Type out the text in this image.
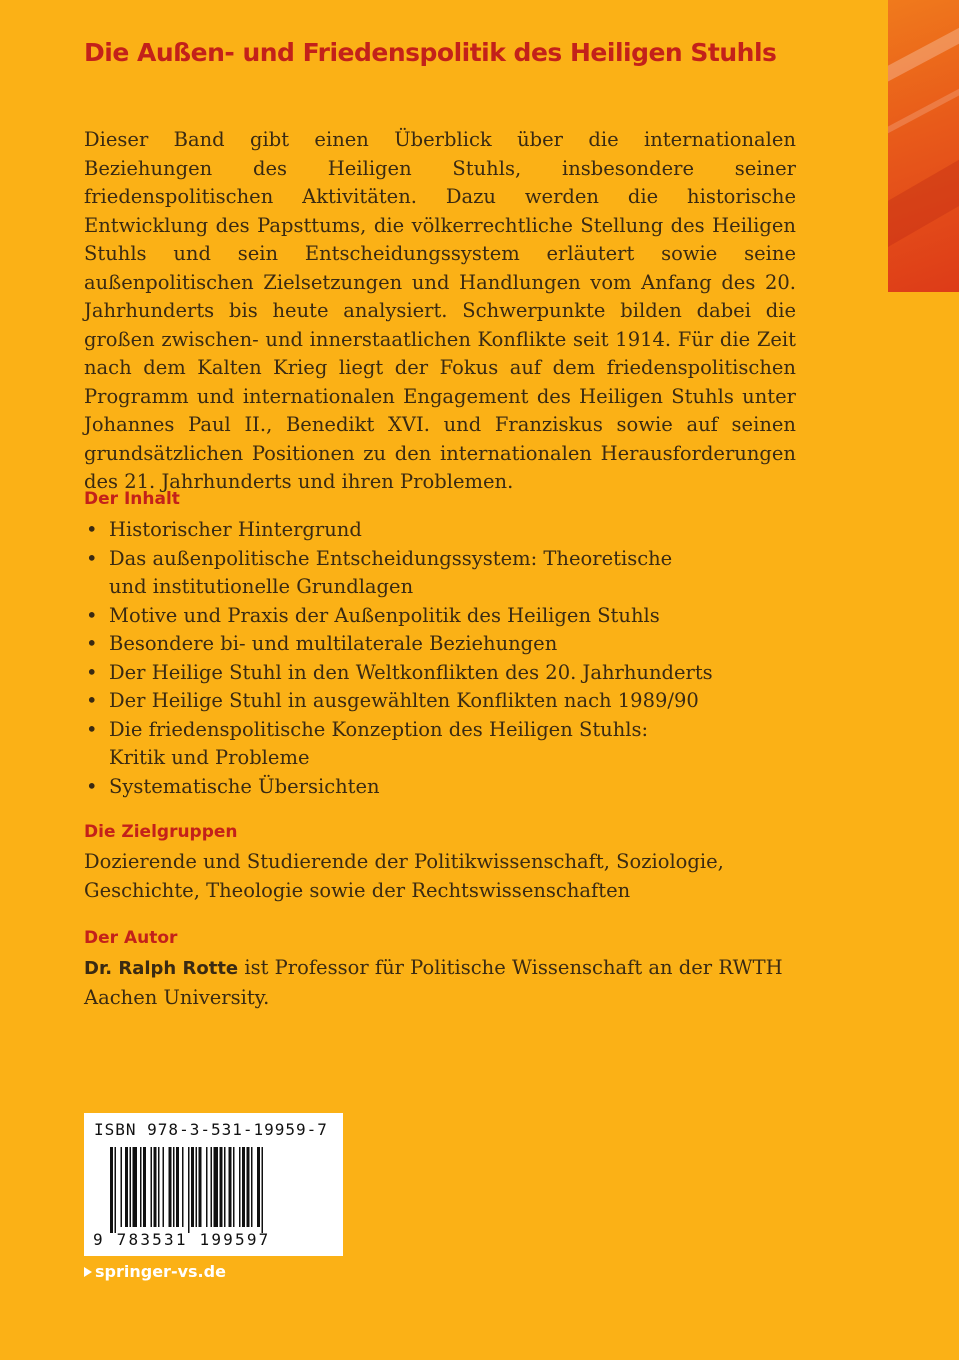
Die Außen- und Friedenspolitik des Heiligen Stuhls
Dieser Band gibt einen Überblick über die internationalen Beziehungen des Heiligen Stuhls, insbesondere seiner friedenspolitischen Aktivitäten. Dazu werden die historische Entwicklung des Papsttums, die völkerrechtliche Stellung des Heiligen Stuhls und sein Entscheidungssystem erläutert sowie seine außenpolitischen Zielsetzungen und Handlungen vom Anfang des 20. Jahrhunderts bis heute analysiert. Schwerpunkte bilden dabei die großen zwischen- und innerstaatlichen Konflikte seit 1914. Für die Zeit nach dem Kalten Krieg liegt der Fokus auf dem friedenspolitischen Programm und internationalen Engagement des Heiligen Stuhls unter Johannes Paul II., Benedikt XVI. und Franziskus sowie auf seinen grundsätzlichen Positionen zu den internationalen Herausforderungen des 21. Jahrhunderts und ihren Problemen.
Der Inhalt
• Historischer Hintergrund
• Das außenpolitische Entscheidungssystem: Theoretische
und institutionelle Grundlagen
• Motive und Praxis der Außenpolitik des Heiligen Stuhls
• Besondere bi- und multilaterale Beziehungen
• Der Heilige Stuhl in den Weltkonflikten des 20. Jahrhunderts
• Der Heilige Stuhl in ausgewählten Konflikten nach 1989/90
• Die friedenspolitische Konzeption des Heiligen Stuhls:
Kritik und Probleme
• Systematische Übersichten
Die Zielgruppen
Dozierende und Studierende der Politikwissenschaft, Soziologie, Geschichte, Theologie sowie der Rechtswissenschaften
Der Autor
Dr. Ralph Rotte ist Professor für Politische Wissenschaft an der RWTH Aachen University.
ISBN 978-3-531-19959-7
9 783531 199597
springer-vs.de
